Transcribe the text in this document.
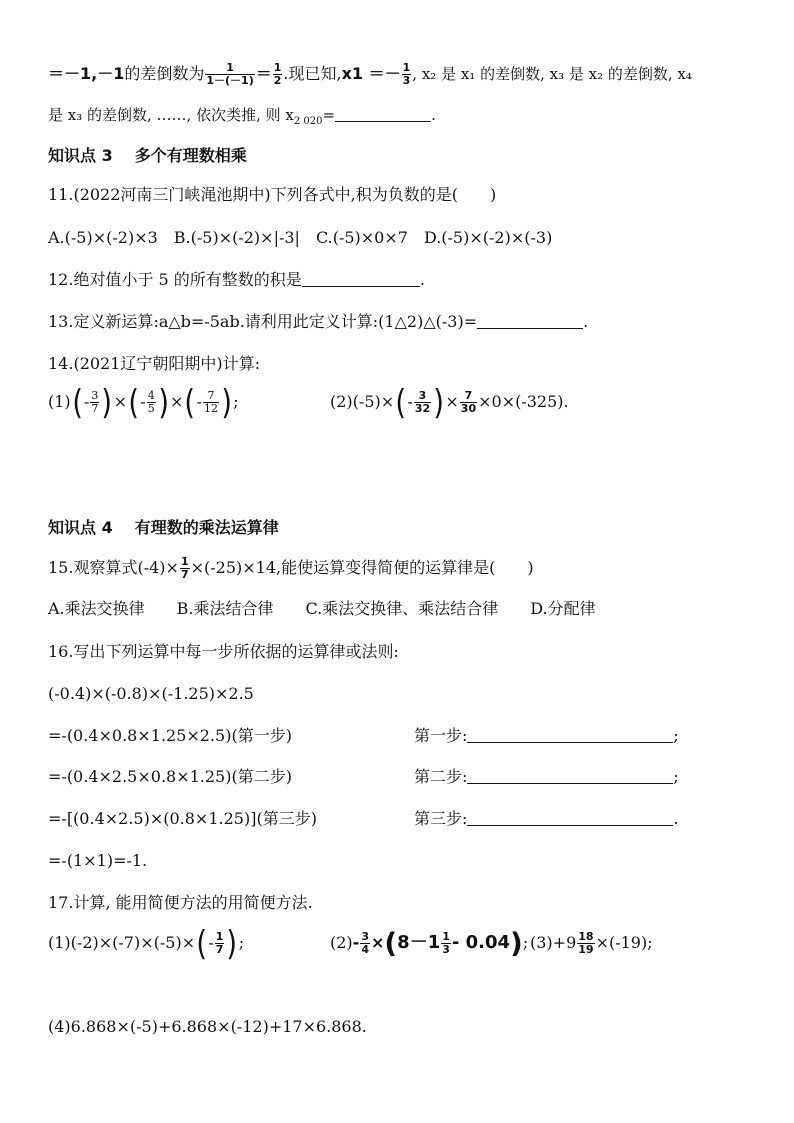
＝－1,－1的差倒数为 $\frac{1}{1-(-1)} = \frac{1}{2}$ .现已知$,x1 =- \frac{1}{3}$ , x₂ 是 x₁ 的差倒数, x₃ 是 x₂ 的差倒数, x₄
是 x₃ 的差倒数, ……, 依次类推, 则 $x_{2 020}=$	.
知识点 3 多个有理数相乘
11.(2022河南三门峡渑池期中)下列各式中,积为负数的是(　　)
A.(-5)×(-2)×3　B.(-5)×(-2)×|-3|　C.(-5)×0×7　D.(-5)×(-2)×(-3)
12.绝对值小于 5 的所有整数的积是	.
13.定义新运算:a△b=-5ab.请利用此定义计算:(1△2)△(-3)=	.
14.(2021辽宁朝阳期中)计算:
$(1)(- \frac{3}{7}$ )×(- $\frac{4}{5}$ )×(- $\frac{7}{12}$ );	$(2)(-5)\times(- \frac{3}{32}$ )× $\frac{7}{30} \times 0\times(-325)$.
知识点 4 有理数的乘法运算律
15.观察算式$(-4)\times \frac{1}{7} \times(-25)\times 14$,能使运算变得简便的运算律是(　　)
A.乘法交换律　　B.乘法结合律　　C.乘法交换律、乘法结合律　　D.分配律
16.写出下列运算中每一步所依据的运算律或法则:
(-0.4)×(-0.8)×(-1.25)×2.5
=-(0.4×0.8×1.25×2.5)(第一步)
=-(0.4×2.5×0.8×1.25)(第二步)
=-[(0.4×2.5)×(0.8×1.25)](第三步)
=-(1×1)=-1.
第一步:	;
第二步:	;
第三步:	.
17.计算, 能用简便方法的用简便方法.
$(1)(-2)\times(-7)\times(-5)\times(- \frac{1}{7}$ );	$(2)- \frac{3}{4} \times(8-1 \frac{1}{3} - 0.04)$; $(3)+9 \frac{18}{19} \times(-19)$;
(4)6.868×(-5)+6.868×(-12)+17×6.868.
